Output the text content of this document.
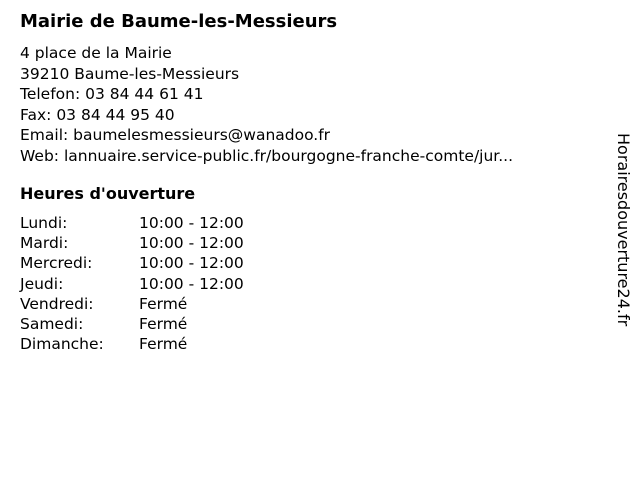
Mairie de Baume-les-Messieurs
4 place de la Mairie
39210 Baume-les-Messieurs
Telefon: 03 84 44 61 41
Fax: 03 84 44 95 40
Email: baumelesmessieurs@wanadoo.fr
Web: lannuaire.service-public.fr/bourgogne-franche-comte/jur...
Heures d'ouverture
Lundi:	10:00 - 12:00
Mardi:	10:00 - 12:00
Mercredi:	10:00 - 12:00
Jeudi:	10:00 - 12:00
Vendredi:	Fermé
Samedi:	Fermé
Dimanche:	Fermé
Horairesdouverture24.fr
